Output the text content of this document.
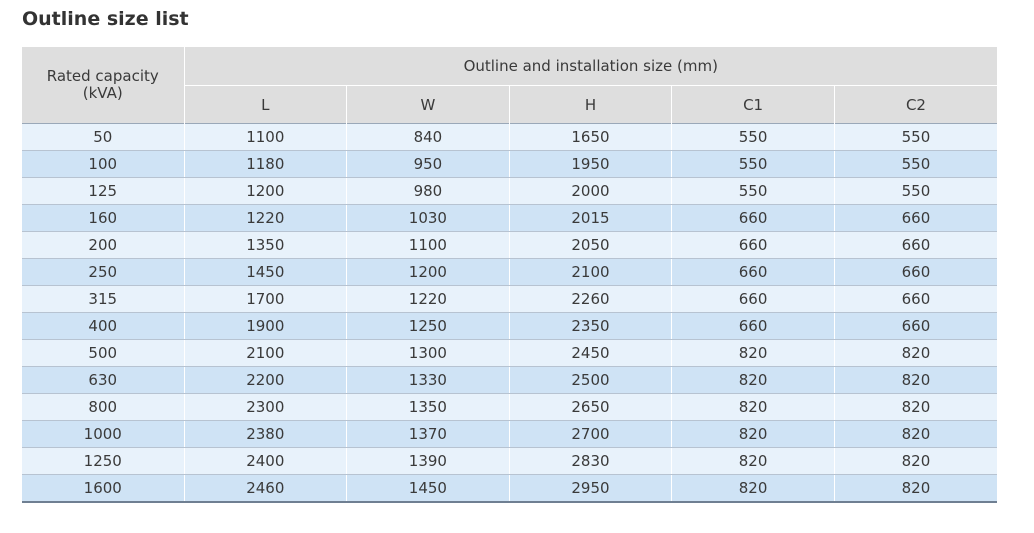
Outline size list
Rated capacity
(kVA)	Outline and installation size (mm)				
	L	W	H	C1	C2
50	1100	840	1650	550	550
100	1180	950	1950	550	550
125	1200	980	2000	550	550
160	1220	1030	2015	660	660
200	1350	1100	2050	660	660
250	1450	1200	2100	660	660
315	1700	1220	2260	660	660
400	1900	1250	2350	660	660
500	2100	1300	2450	820	820
630	2200	1330	2500	820	820
800	2300	1350	2650	820	820
1000	2380	1370	2700	820	820
1250	2400	1390	2830	820	820
1600	2460	1450	2950	820	820
